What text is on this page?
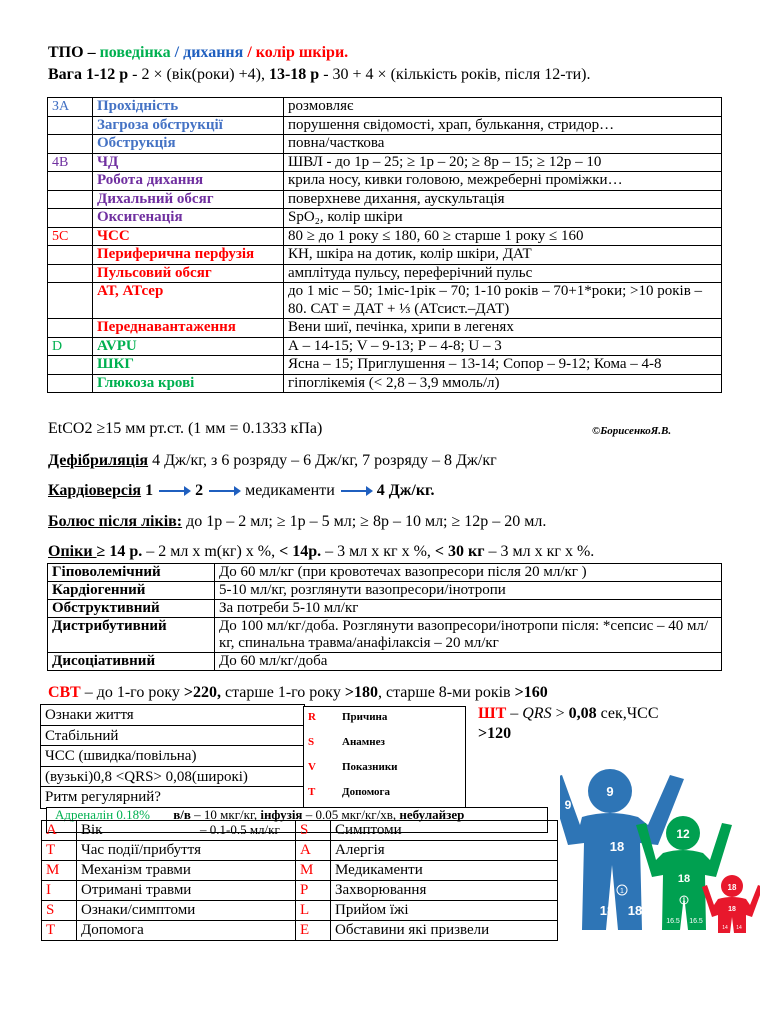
ТПО – поведінка / дихання / колір шкіри.
Вага 1-12 р - 2 × (вік(роки) +4), 13-18 р - 30 + 4 × (кількість років, після 12-ти).
ЗА	Прохідність	розмовляє
	Загроза обструкції	порушення свідомості, храп, булькання, стридор…
	Обструкція	повна/часткова
4В	ЧД	ШВЛ - до 1р – 25; ≥ 1р – 20; ≥ 8р – 15; ≥ 12р – 10
	Робота дихання	крила носу, кивки головою, межреберні проміжки…
	Дихальний обсяг	поверхневе дихання, аускультація
	Оксигенація	SpO₂, колір шкіри
5С	ЧСС	80 ≥ до 1 року ≤ 180, 60 ≥ старше 1 року ≤ 160
	Периферична перфузія	КН, шкіра на дотик, колір шкіри, ДАТ
	Пульсовий обсяг	амплітуда пульсу, переферічний пульс
	АТ, АТсер	до 1 міс – 50; 1міс-1рік – 70; 1-10 років – 70+1*роки; >10 років – 80. САТ = ДАТ + ⅓ (АТсист.–ДАТ)
	Переднавантаження	Вени шиї, печінка, хрипи в легенях
D	AVPU	А – 14-15; V – 9-13; P – 4-8; U – 3
	ШКГ	Ясна – 15; Приглушення – 13-14; Сопор – 9-12; Кома – 4-8
	Глюкоза крові	гіпоглікемія (< 2,8 – 3,9 ммоль/л)
EtCO2 ≥15 мм рт.ст. (1 мм = 0.1333 кПа)	©БорисенкоЯ.В.
Дефібриляція 4 Дж/кг, з 6 розряду – 6 Дж/кг, 7 розряду – 8 Дж/кг
Кардіоверсія 1	2	медикаменти	4 Дж/кг.
Болюс після ліків: до 1р – 2 мл; ≥ 1р – 5 мл; ≥ 8р – 10 мл; ≥ 12р – 20 мл.
Опіки ≥ 14 р. – 2 мл x m(кг) x %, < 14р. – 3 мл x кг x %, < 30 кг – 3 мл x кг x %.
Гіповолемічний	До 60 мл/кг (при кровотечах вазопресори після 20 мл/кг )
Кардіогенний	5-10 мл/кг, розглянути вазопресори/інотропи
Обструктивний	За потреби 5-10 мл/кг
Дистрибутивний	До 100 мл/кг/доба. Розглянути вазопресори/інотропи після: *сепсис – 40 мл/кг, спинальна травма/анафілаксія – 20 мл/кг
Дисоціативний	До 60 мл/кг/доба
СВТ – до 1-го року >220, старше 1-го року >180, старше 8-ми років >160
Ознаки життя
Стабільний
ЧСС (швидка/повільна)
(вузькі)0,8 <QRS> 0,08(широкі)
Ритм регулярний?
R Причина
S	Анамнез
V Показники
T Допомога
ШТ – QRS > 0,08 сек,ЧСС
>120
Адреналін 0.18% в/в – 10 мкг/кг, інфузія – 0.05 мкг/кг/хв, небулайзер
– 0.1-0.5 мл/кг
A	Вік	S	Симптоми
T	Час події/прибуття	A	Алергія
M	Механізм травми	M	Медикаменти
I	Отримані травми	P	Захворювання
S	Ознаки/симптоми	L	Прийом їжі
T	Допомога	E	Обставини які призвели
9
9	9
18
1
18 18
12
18
1
16.5 16.5
18
18
14 14
